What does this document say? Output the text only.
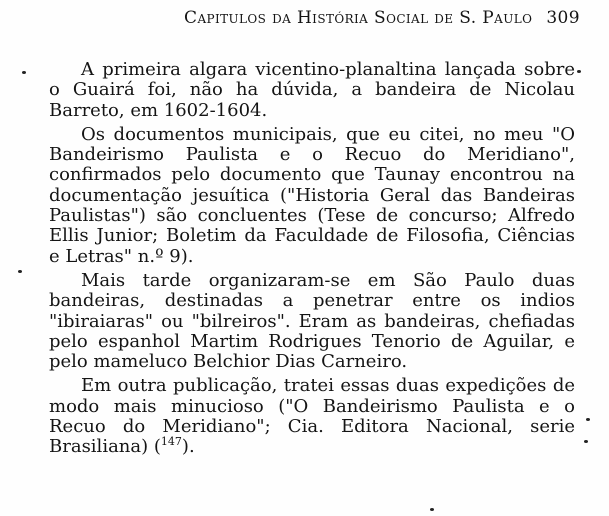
Capitulos da História Social de S. Paulo 309

A primeira algara vicentino-planaltina lançada sobre o Guairá foi, não ha dúvida, a bandeira de Nicolau Barreto, em 1602-1604.

Os documentos municipais, que eu citei, no meu "O Bandeirismo Paulista e o Recuo do Meridiano", confirmados pelo documento que Taunay encontrou na documentação jesuítica ("Historia Geral das Bandeiras Paulistas") são concluentes (Tese de concurso; Alfredo Ellis Junior; Boletim da Faculdade de Filosofia, Ciências e Letras" n.º 9).

Mais tarde organizaram-se em São Paulo duas bandeiras, destinadas a penetrar entre os indios "ibiraiaras" ou "bilreiros". Eram as bandeiras, chefiadas pelo espanhol Martim Rodrigues Tenorio de Aguilar, e pelo mameluco Belchior Dias Carneiro.

Em outra publicação, tratei essas duas expedições de modo mais minucioso ("O Bandeirismo Paulista e o Recuo do Meridiano"; Cia. Editora Nacional, serie Brasiliana) ($^{147}$).
